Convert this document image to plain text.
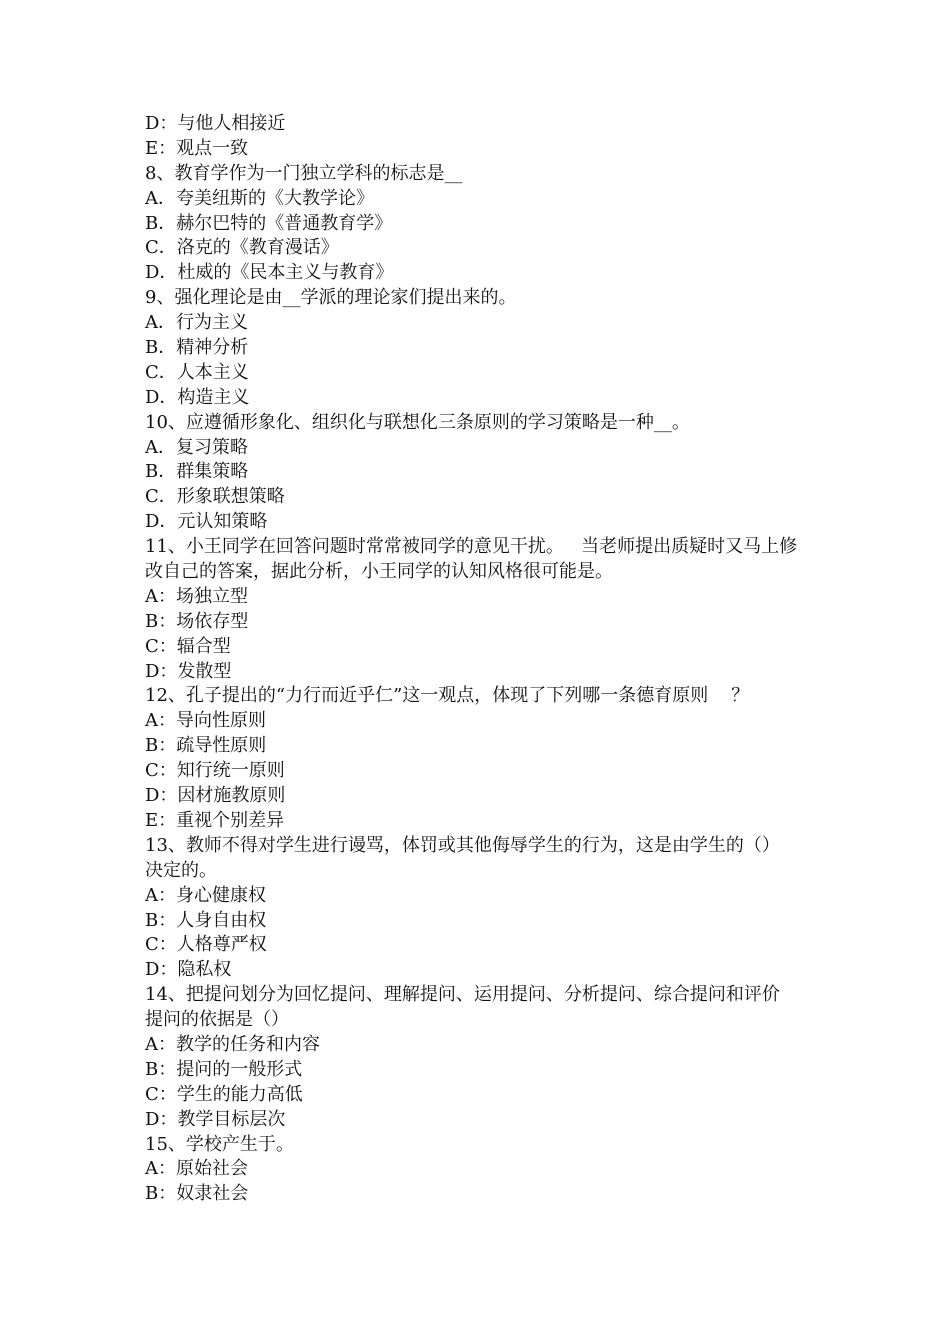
D：与他人相接近
E：观点一致
8、教育学作为一门独立学科的标志是__
A．夸美纽斯的《大教学论》
B．赫尔巴特的《普通教育学》
C．洛克的《教育漫话》
D．杜威的《民本主义与教育》
9、强化理论是由__学派的理论家们提出来的。
A．行为主义
B．精神分析
C．人本主义
D．构造主义
10、应遵循形象化、组织化与联想化三条原则的学习策略是一种__。
A．复习策略
B．群集策略
C．形象联想策略
D．元认知策略
11、小王同学在回答问题时常常被同学的意见干扰。   当老师提出质疑时又马上修
改自己的答案，据此分析，小王同学的认知风格很可能是。
A：场独立型
B：场依存型
C：辐合型
D：发散型
12、孔子提出的“力行而近乎仁”这一观点，体现了下列哪一条德育原则    ？
A：导向性原则
B：疏导性原则
C：知行统一原则
D：因材施教原则
E：重视个别差异
13、教师不得对学生进行谩骂，体罚或其他侮辱学生的行为，这是由学生的（）
决定的。
A：身心健康权
B：人身自由权
C：人格尊严权
D：隐私权
14、把提问划分为回忆提问、理解提问、运用提问、分析提问、综合提问和评价
提问的依据是（）
A：教学的任务和内容
B：提问的一般形式
C：学生的能力高低
D：教学目标层次
15、学校产生于。
A：原始社会
B：奴隶社会
